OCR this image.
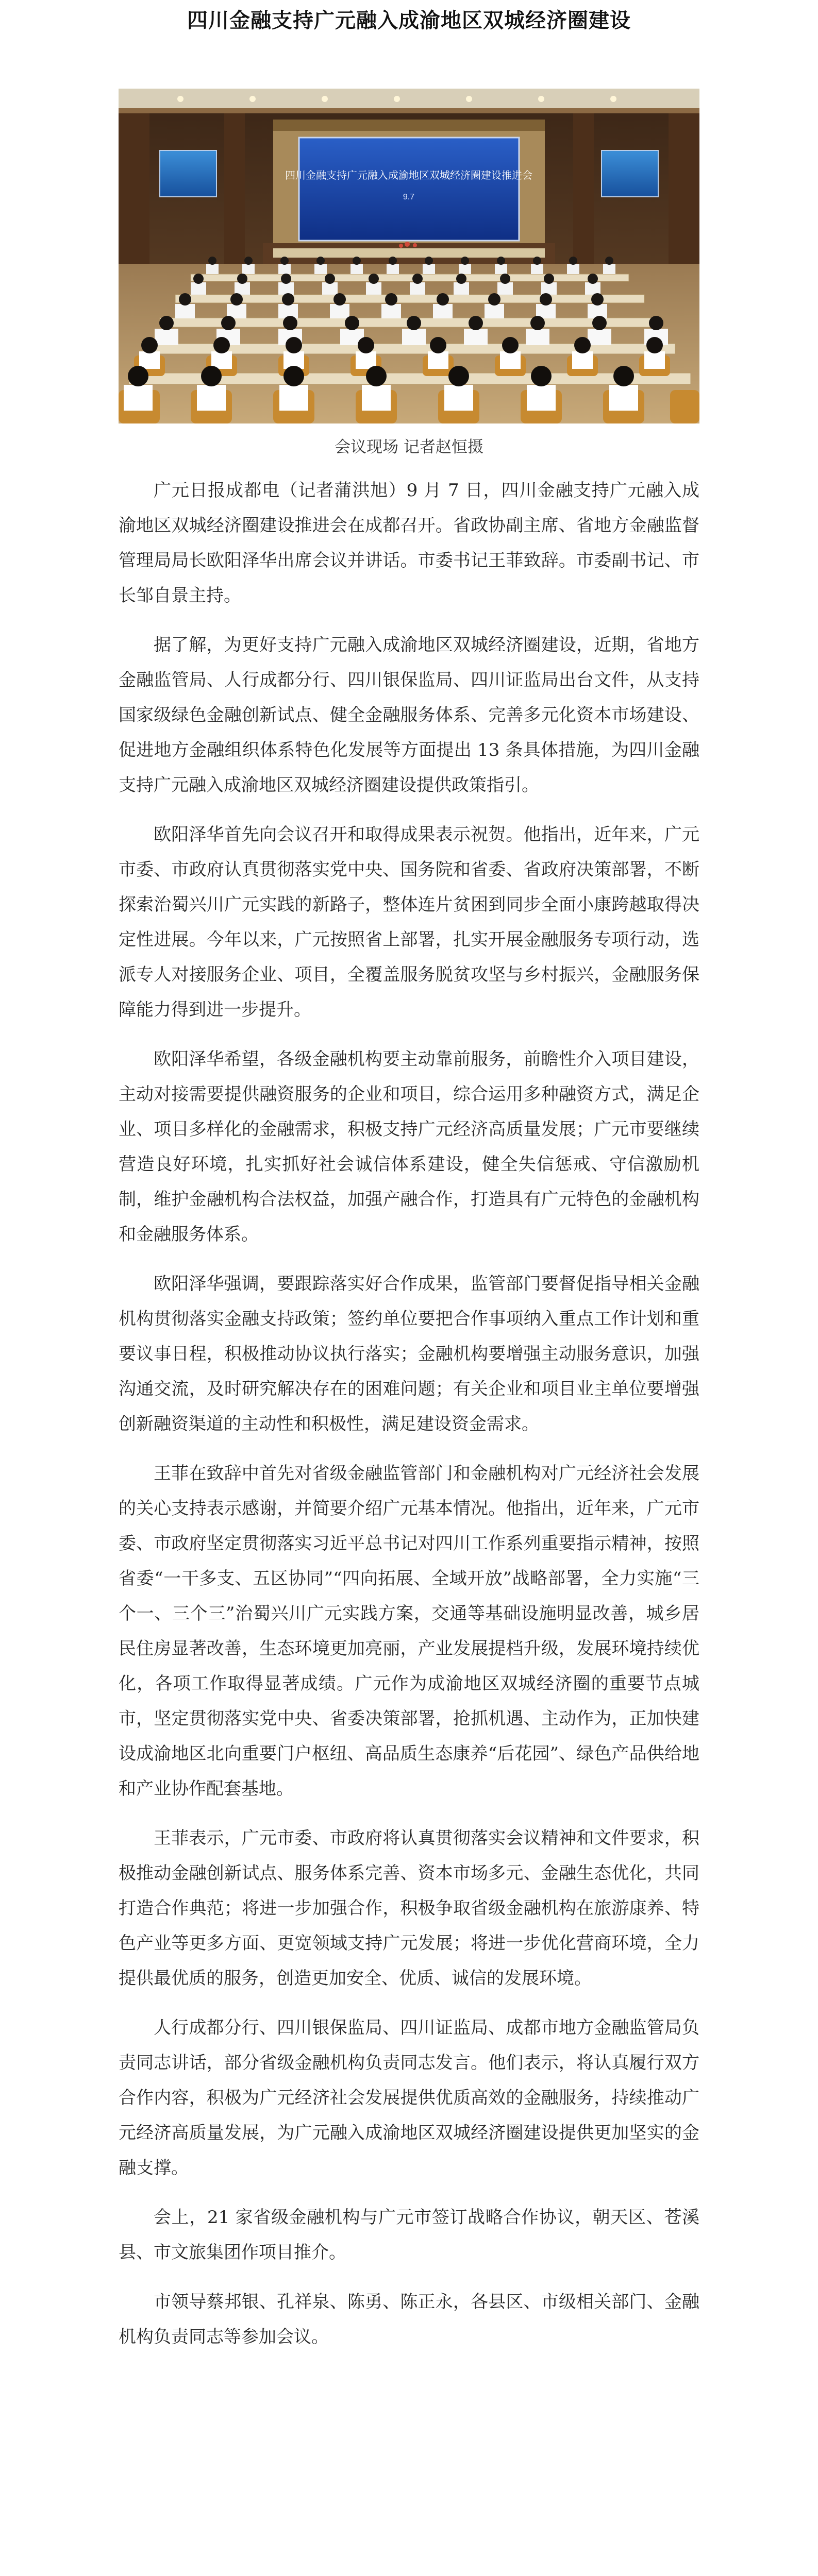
四川金融支持广元融入成渝地区双城经济圈建设
四川金融支持广元融入成渝地区双城经济圈建设推进会
9.7

会议现场 记者赵恒摄

广元日报成都电（记者蒲洪旭）9 月 7 日，四川金融支持广元融入成渝地区双城经济圈建设推进会在成都召开。省政协副主席、省地方金融监督管理局局长欧阳泽华出席会议并讲话。市委书记王菲致辞。市委副书记、市长邹自景主持。

据了解，为更好支持广元融入成渝地区双城经济圈建设，近期，省地方金融监管局、人行成都分行、四川银保监局、四川证监局出台文件，从支持国家级绿色金融创新试点、健全金融服务体系、完善多元化资本市场建设、促进地方金融组织体系特色化发展等方面提出 13 条具体措施，为四川金融支持广元融入成渝地区双城经济圈建设提供政策指引。

欧阳泽华首先向会议召开和取得成果表示祝贺。他指出，近年来，广元市委、市政府认真贯彻落实党中央、国务院和省委、省政府决策部署，不断探索治蜀兴川广元实践的新路子，整体连片贫困到同步全面小康跨越取得决定性进展。今年以来，广元按照省上部署，扎实开展金融服务专项行动，选派专人对接服务企业、项目，全覆盖服务脱贫攻坚与乡村振兴，金融服务保障能力得到进一步提升。

欧阳泽华希望，各级金融机构要主动靠前服务，前瞻性介入项目建设，主动对接需要提供融资服务的企业和项目，综合运用多种融资方式，满足企业、项目多样化的金融需求，积极支持广元经济高质量发展；广元市要继续营造良好环境，扎实抓好社会诚信体系建设，健全失信惩戒、守信激励机制，维护金融机构合法权益，加强产融合作，打造具有广元特色的金融机构和金融服务体系。

欧阳泽华强调，要跟踪落实好合作成果，监管部门要督促指导相关金融机构贯彻落实金融支持政策；签约单位要把合作事项纳入重点工作计划和重要议事日程，积极推动协议执行落实；金融机构要增强主动服务意识，加强沟通交流，及时研究解决存在的困难问题；有关企业和项目业主单位要增强创新融资渠道的主动性和积极性，满足建设资金需求。

王菲在致辞中首先对省级金融监管部门和金融机构对广元经济社会发展的关心支持表示感谢，并简要介绍广元基本情况。他指出，近年来，广元市委、市政府坚定贯彻落实习近平总书记对四川工作系列重要指示精神，按照省委“一干多支、五区协同”“四向拓展、全域开放”战略部署，全力实施“三个一、三个三”治蜀兴川广元实践方案，交通等基础设施明显改善，城乡居民住房显著改善，生态环境更加亮丽，产业发展提档升级，发展环境持续优化，各项工作取得显著成绩。广元作为成渝地区双城经济圈的重要节点城市，坚定贯彻落实党中央、省委决策部署，抢抓机遇、主动作为，正加快建设成渝地区北向重要门户枢纽、高品质生态康养“后花园”、绿色产品供给地和产业协作配套基地。

王菲表示，广元市委、市政府将认真贯彻落实会议精神和文件要求，积极推动金融创新试点、服务体系完善、资本市场多元、金融生态优化，共同打造合作典范；将进一步加强合作，积极争取省级金融机构在旅游康养、特色产业等更多方面、更宽领域支持广元发展；将进一步优化营商环境，全力提供最优质的服务，创造更加安全、优质、诚信的发展环境。

人行成都分行、四川银保监局、四川证监局、成都市地方金融监管局负责同志讲话，部分省级金融机构负责同志发言。他们表示，将认真履行双方合作内容，积极为广元经济社会发展提供优质高效的金融服务，持续推动广元经济高质量发展，为广元融入成渝地区双城经济圈建设提供更加坚实的金融支撑。

会上，21 家省级金融机构与广元市签订战略合作协议，朝天区、苍溪县、市文旅集团作项目推介。

市领导蔡邦银、孔祥泉、陈勇、陈正永，各县区、市级相关部门、金融机构负责同志等参加会议。
